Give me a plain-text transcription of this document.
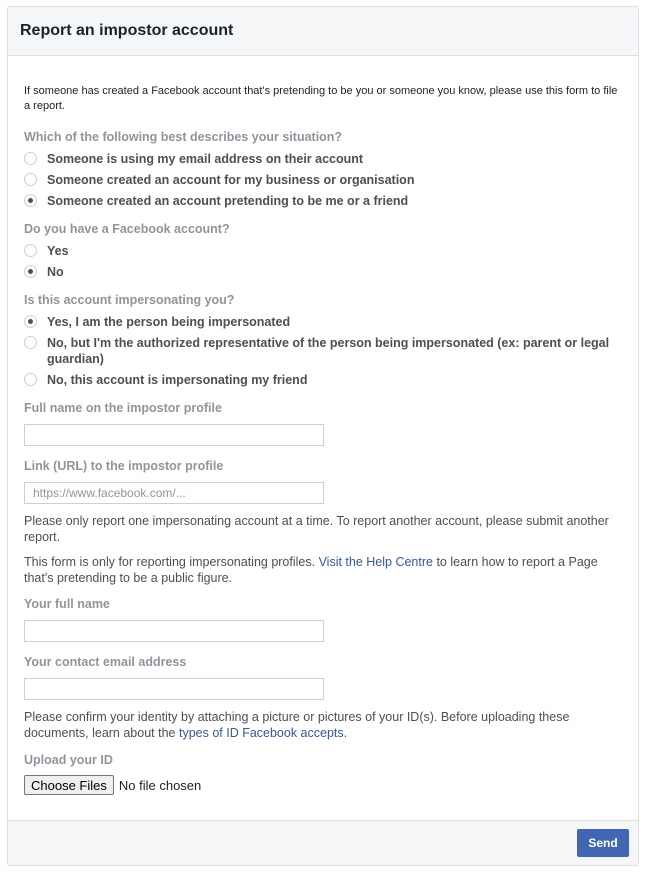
Report an impostor account

If someone has created a Facebook account that's pretending to be you or someone you know, please use this form to file a report.

Which of the following best describes your situation?
Someone is using my email address on their account
Someone created an account for my business or organisation
Someone created an account pretending to be me or a friend
Do you have a Facebook account?
Yes
No
Is this account impersonating you?
Yes, I am the person being impersonated
No, but I'm the authorized representative of the person being impersonated (ex: parent or legal guardian)
No, this account is impersonating my friend
Full name on the impostor profile
Link (URL) to the impostor profile
https://www.facebook.com/...

Please only report one impersonating account at a time. To report another account, please submit another report.

This form is only for reporting impersonating profiles. Visit the Help Centre to learn how to report a Page that's pretending to be a public figure.

Your full name
Your contact email address

Please confirm your identity by attaching a picture or pictures of your ID(s). Before uploading these documents, learn about the types of ID Facebook accepts.

Upload your ID
Choose Files No file chosen
Send
